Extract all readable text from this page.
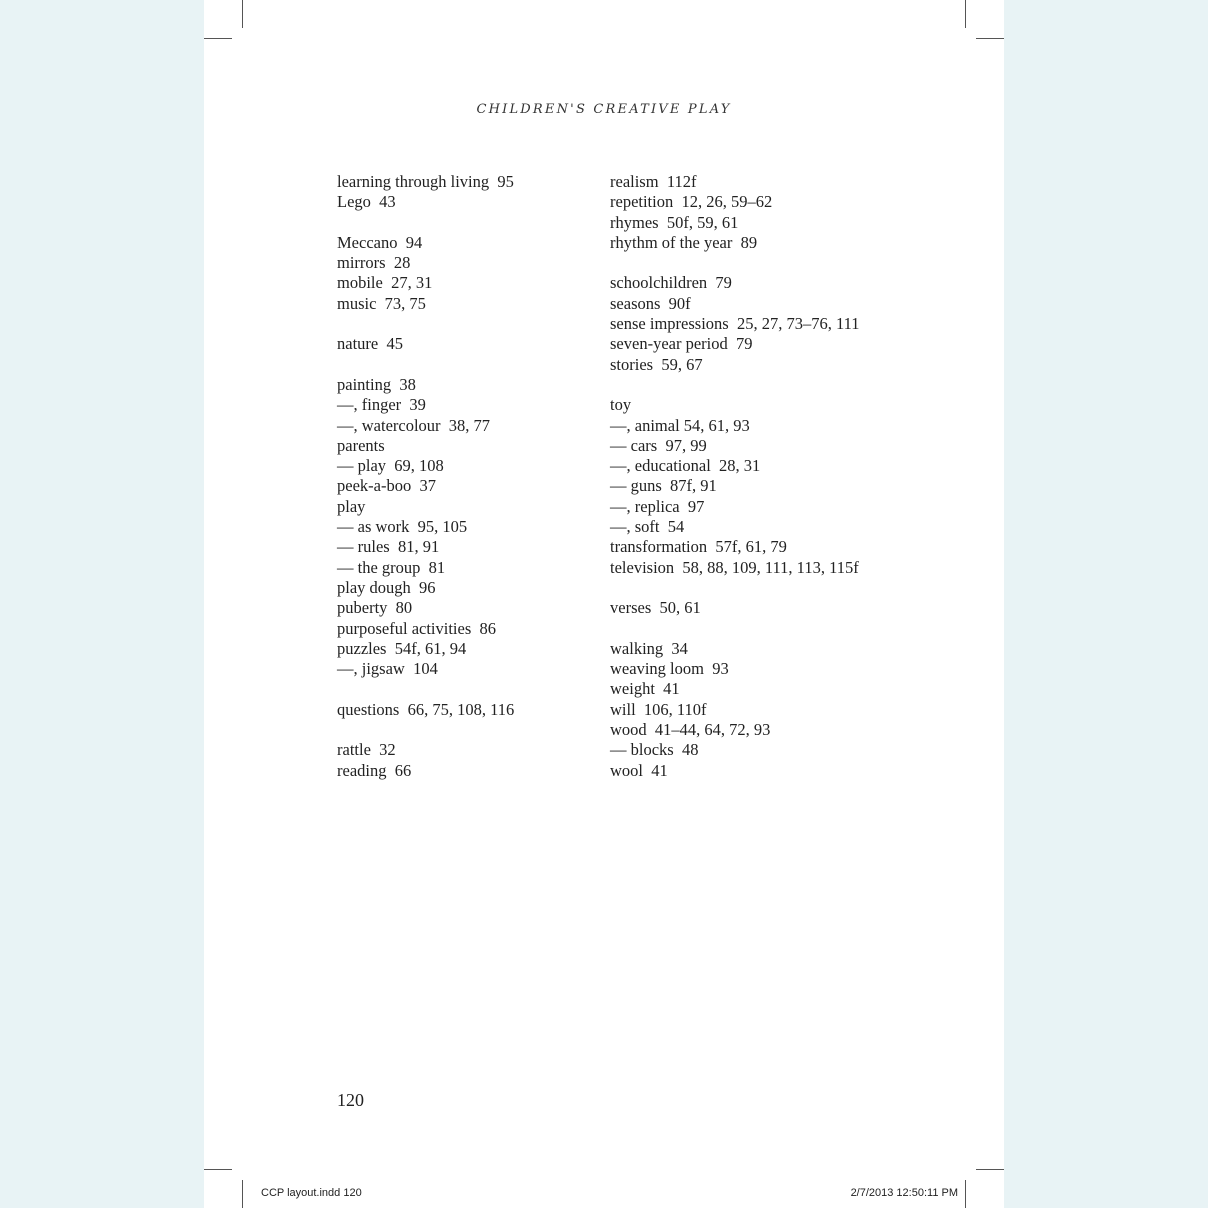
CHILDREN'S CREATIVE PLAY
learning through living  95
Lego  43
Meccano  94
mirrors  28
mobile  27, 31
music  73, 75
nature  45
painting  38
—, finger  39
—, watercolour  38, 77
parents
— play  69, 108
peek-a-boo  37
play
— as work  95, 105
— rules  81, 91
— the group  81
play dough  96
puberty  80
purposeful activities  86
puzzles  54f, 61, 94
—, jigsaw  104
questions  66, 75, 108, 116
rattle  32
reading  66
realism  112f
repetition  12, 26, 59–62
rhymes  50f, 59, 61
rhythm of the year  89
schoolchildren  79
seasons  90f
sense impressions  25, 27, 73–76, 111
seven-year period  79
stories  59, 67
toy
—, animal 54, 61, 93
— cars  97, 99
—, educational  28, 31
— guns  87f, 91
—, replica  97
—, soft  54
transformation  57f, 61, 79
television  58, 88, 109, 111, 113, 115f
verses  50, 61
walking  34
weaving loom  93
weight  41
will  106, 110f
wood  41–44, 64, 72, 93
— blocks  48
wool  41
120
CCP layout.indd 120	2/7/2013 12:50:11 PM
